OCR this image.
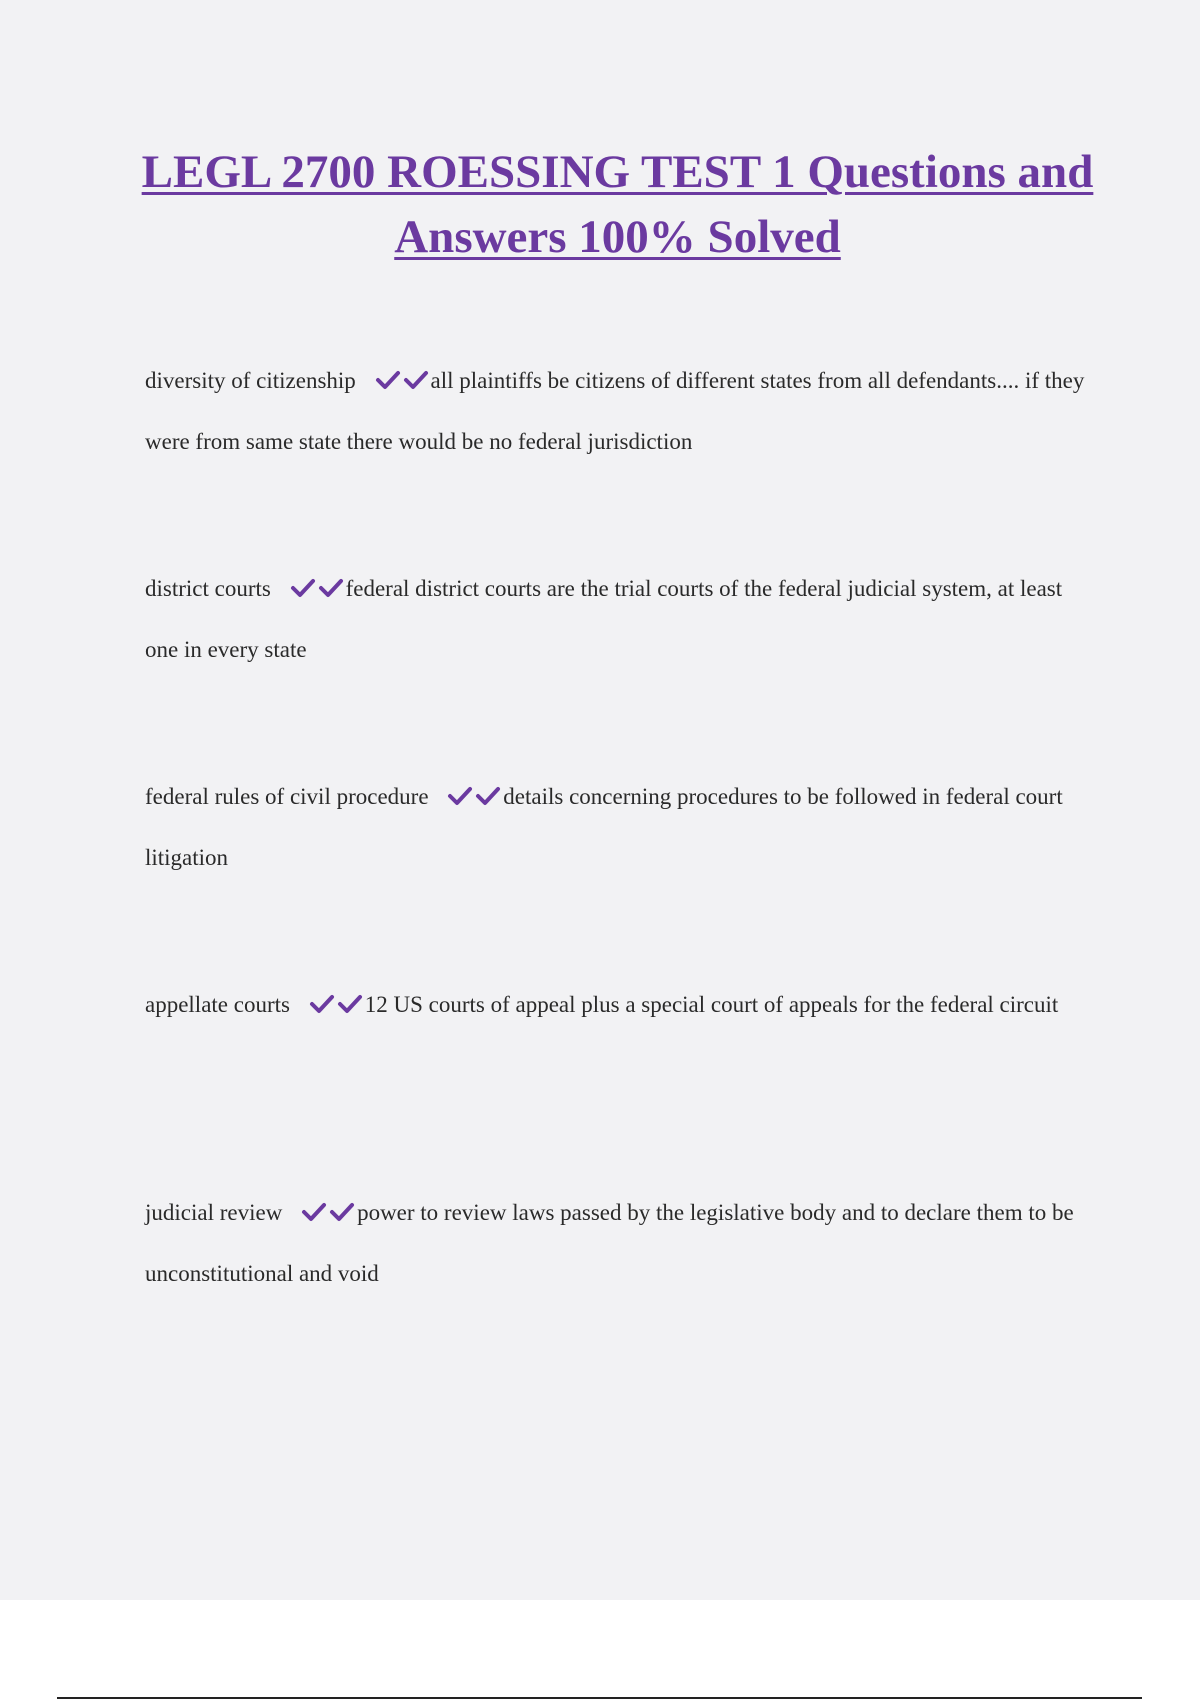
LEGL 2700 ROESSING TEST 1 Questions and Answers 100% Solved
diversity of citizenship	all plaintiffs be citizens of different states from all defendants.... if they were from same state there would be no federal jurisdiction
district courts	federal district courts are the trial courts of the federal judicial system, at least one in every state
federal rules of civil procedure	details concerning procedures to be followed in federal court litigation
appellate courts	12 US courts of appeal plus a special court of appeals for the federal circuit
judicial review	power to review laws passed by the legislative body and to declare them to be unconstitutional and void
